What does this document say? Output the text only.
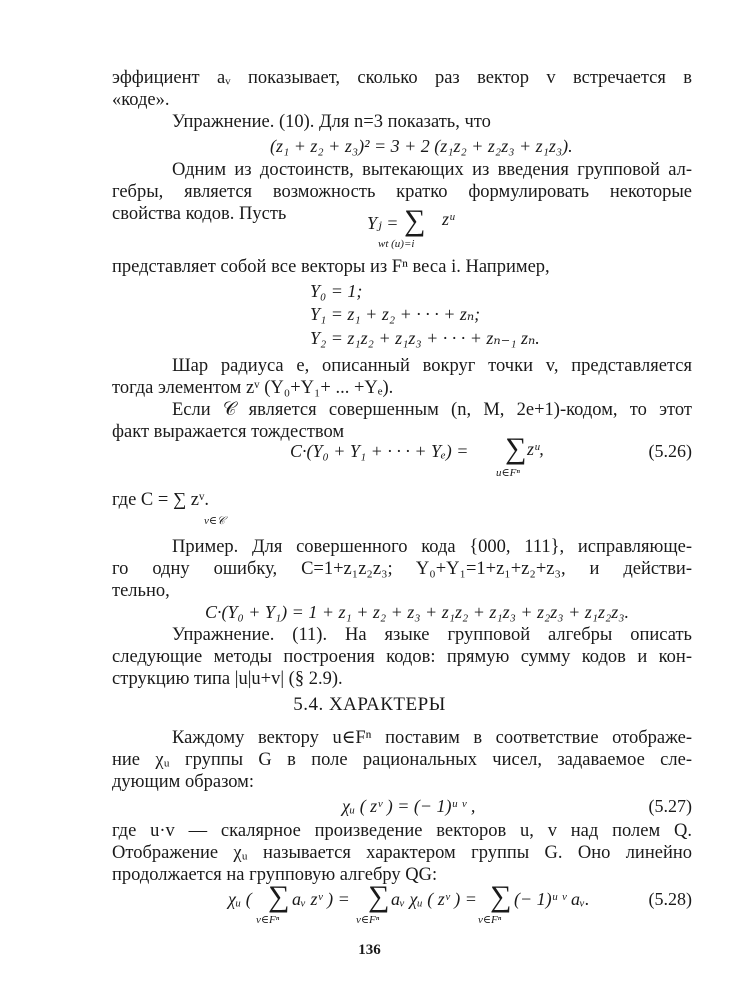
эффициент aᵥ показывает, сколько раз вектор v встречается в
«коде».
Упражнение. (10). Для n=3 показать, что
(z₁ + z₂ + z₃)² = 3 + 2 (z₁z₂ + z₂z₃ + z₁z₃).
Одним из достоинств, вытекающих из введения групповой ал-
гебры, является возможность кратко формулировать некоторые
свойства кодов. Пусть	Yⱼ = ∑ zᵘ
wt (u)=i
представляет собой все векторы из Fⁿ веса i. Например,
Y₀ = 1;
Y₁ = z₁ + z₂ + · · · + zₙ;
Y₂ = z₁z₂ + z₁z₃ + · · · + zₙ₋₁ zₙ.
Шар радиуса e, описанный вокруг точки v, представляется
тогда элементом zᵛ (Y₀+Y₁+ ... +Yₑ).
Если 𝒞 является совершенным (n, M, 2e+1)-кодом, то этот
факт выражается тождеством
C·(Y₀ + Y₁ + · · · + Yₑ) = ∑ zᵘ,
u∈Fⁿ
(5.26)
где C = ∑ zᵛ.
v∈𝒞
Пример. Для совершенного кода {000, 111}, исправляюще-
го одну ошибку, C=1+z₁z₂z₃; Y₀+Y₁=1+z₁+z₂+z₃, и действи-
тельно,
C·(Y₀ + Y₁) = 1 + z₁ + z₂ + z₃ + z₁z₂ + z₁z₃ + z₂z₃ + z₁z₂z₃.
Упражнение. (11). На языке групповой алгебры описать
следующие методы построения кодов: прямую сумму кодов и кон-
струкцию типа |u|u+v| (§ 2.9).
5.4. ХАРАКТЕРЫ
Каждому вектору u∈Fⁿ поставим в соответствие отображе-
ние χᵤ группы G в поле рациональных чисел, задаваемое сле-
дующим образом:
χᵤ ( zᵛ ) = (− 1)ᵘ ᵛ ,	(5.27)
где u·v — скалярное произведение векторов u, v над полем Q.
Отображение χᵤ называется характером группы G. Оно линейно
продолжается на групповую алгебру QG:
χᵤ ( ∑ aᵥ zᵛ ) = ∑ aᵥ χᵤ ( zᵛ ) = ∑ (− 1)ᵘ ᵛ aᵥ.
v∈Fⁿ	v∈Fⁿ	v∈Fⁿ
(5.28)
136
